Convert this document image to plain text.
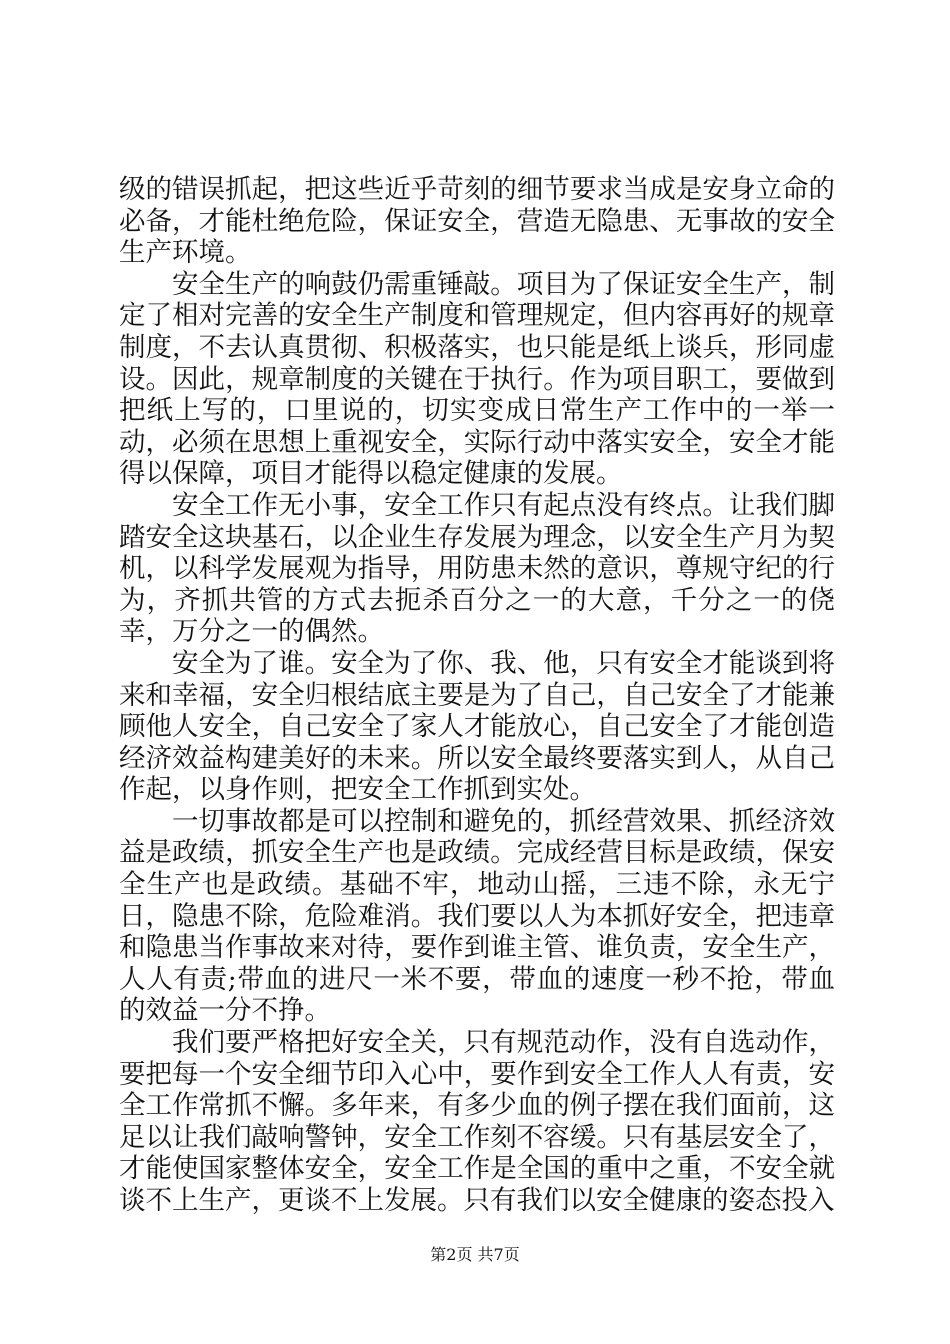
级的错误抓起，把这些近乎苛刻的细节要求当成是安身立命的必备，才能杜绝危险，保证安全，营造无隐患、无事故的安全生产环境。

安全生产的响鼓仍需重锤敲。项目为了保证安全生产，制定了相对完善的安全生产制度和管理规定，但内容再好的规章制度，不去认真贯彻、积极落实，也只能是纸上谈兵，形同虚设。因此，规章制度的关键在于执行。作为项目职工，要做到把纸上写的，口里说的，切实变成日常生产工作中的一举一动，必须在思想上重视安全，实际行动中落实安全，安全才能得以保障，项目才能得以稳定健康的发展。

安全工作无小事，安全工作只有起点没有终点。让我们脚踏安全这块基石，以企业生存发展为理念，以安全生产月为契机，以科学发展观为指导，用防患未然的意识，尊规守纪的行为，齐抓共管的方式去扼杀百分之一的大意，千分之一的侥幸，万分之一的偶然。

安全为了谁。安全为了你、我、他，只有安全才能谈到将来和幸福，安全归根结底主要是为了自己，自己安全了才能兼顾他人安全，自己安全了家人才能放心，自己安全了才能创造经济效益构建美好的未来。所以安全最终要落实到人，从自己作起，以身作则，把安全工作抓到实处。

一切事故都是可以控制和避免的，抓经营效果、抓经济效益是政绩，抓安全生产也是政绩。完成经营目标是政绩，保安全生产也是政绩。基础不牢，地动山摇，三违不除，永无宁日，隐患不除，危险难消。我们要以人为本抓好安全，把违章和隐患当作事故来对待，要作到谁主管、谁负责，安全生产，人人有责;带血的进尺一米不要，带血的速度一秒不抢，带血的效益一分不挣。

我们要严格把好安全关，只有规范动作，没有自选动作，要把每一个安全细节印入心中，要作到安全工作人人有责，安全工作常抓不懈。多年来，有多少血的例子摆在我们面前，这足以让我们敲响警钟，安全工作刻不容缓。只有基层安全了，才能使国家整体安全，安全工作是全国的重中之重，不安全就谈不上生产，更谈不上发展。只有我们以安全健康的姿态投入

第2页 共7页
